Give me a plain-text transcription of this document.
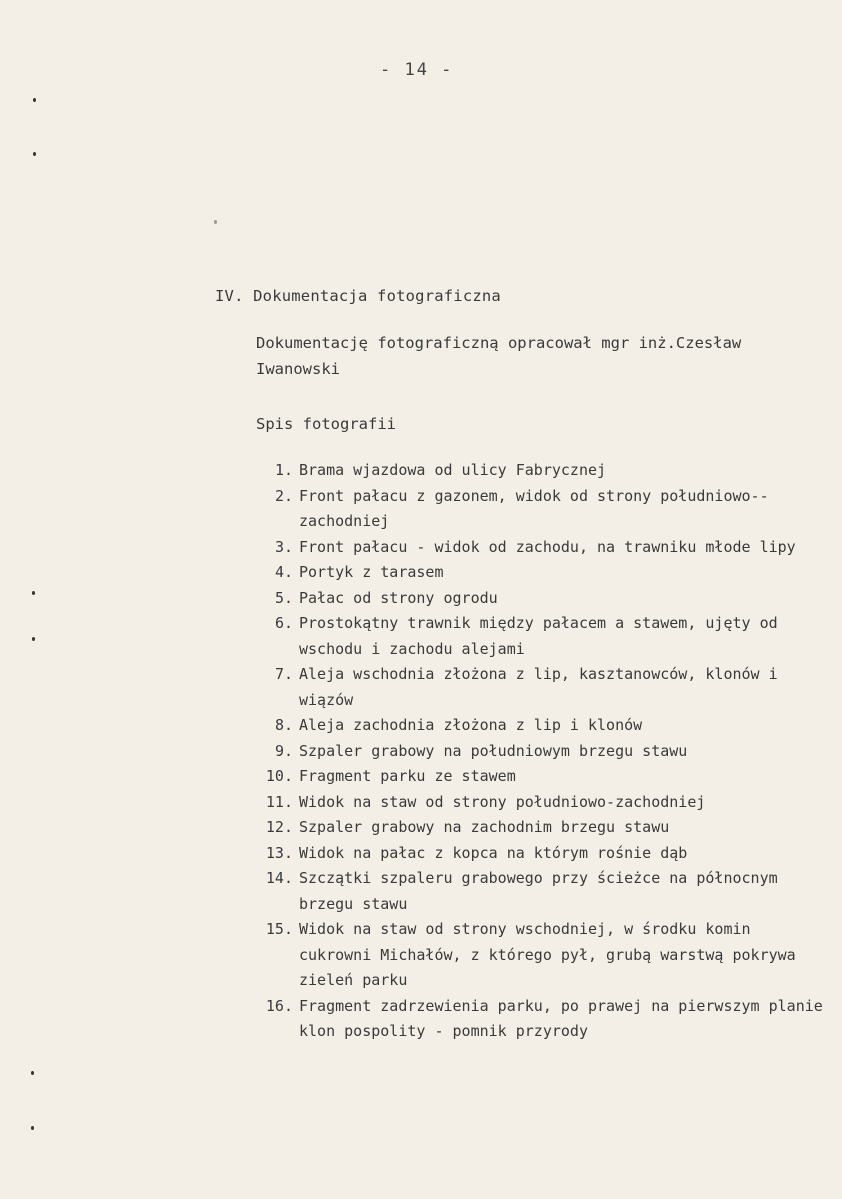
- 14 -
IV. Dokumentacja fotograficzna
Dokumentację fotograficzną opracował mgr inż.Czesław Iwanowski
Spis fotografii
1. Brama wjazdowa od ulicy Fabrycznej
2. Front pałacu z gazonem, widok od strony południowo--zachodniej
3. Front pałacu - widok od zachodu, na trawniku młode lipy
4. Portyk z tarasem
5. Pałac od strony ogrodu
6. Prostokątny trawnik między pałacem a stawem, ujęty od wschodu i zachodu alejami
7. Aleja wschodnia złożona z lip, kasztanowców, klonów i wiązów
8. Aleja zachodnia złożona z lip i klonów
9. Szpaler grabowy na południowym brzegu stawu
10. Fragment parku ze stawem
11. Widok na staw od strony południowo-zachodniej
12. Szpaler grabowy na zachodnim brzegu stawu
13. Widok na pałac z kopca na którym rośnie dąb
14. Szczątki szpaleru grabowego przy ścieżce na północnym brzegu stawu
15. Widok na staw od strony wschodniej, w środku komin cukrowni Michałów, z którego pył, grubą warstwą pokrywa zieleń parku
16. Fragment zadrzewienia parku, po prawej na pierwszym planie klon pospolity - pomnik przyrody
